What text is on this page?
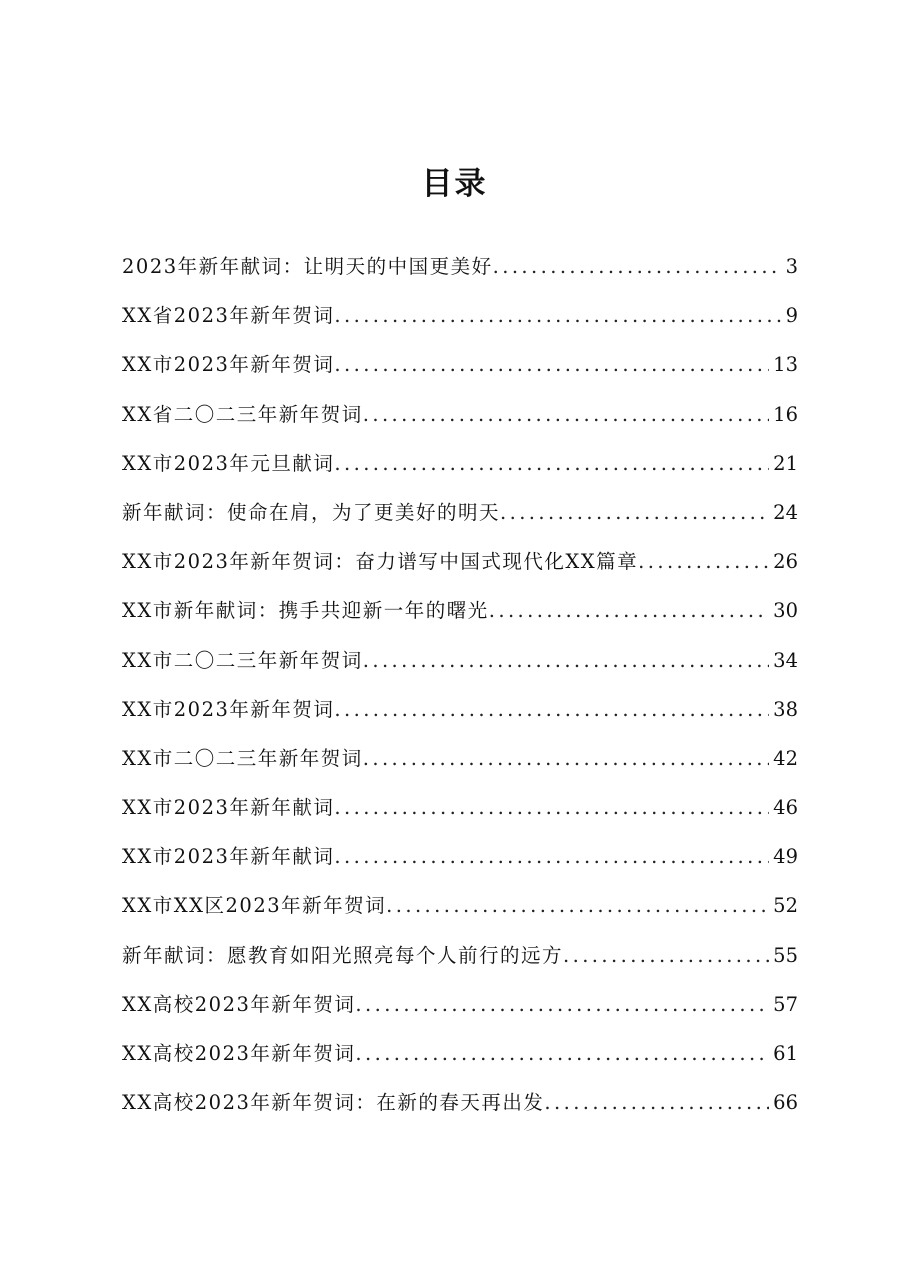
目录
2023年新年献词：让明天的中国更美好 .....	3
XX省2023年新年贺词 .....	9
XX市2023年新年贺词 .....	13
XX省二〇二三年新年贺词 .....	16
XX市2023年元旦献词 .....	21
新年献词：使命在肩，为了更美好的明天 .....	24
XX市2023年新年贺词：奋力谱写中国式现代化XX篇章 .....	26
XX市新年献词：携手共迎新一年的曙光 .....	30
XX市二〇二三年新年贺词 .....	34
XX市2023年新年贺词 .....	38
XX市二〇二三年新年贺词 .....	42
XX市2023年新年献词 .....	46
XX市2023年新年献词 .....	49
XX市XX区2023年新年贺词 .....	52
新年献词：愿教育如阳光照亮每个人前行的远方 .....	55
XX高校2023年新年贺词 .....	57
XX高校2023年新年贺词 .....	61
XX高校2023年新年贺词：在新的春天再出发 .....	66
